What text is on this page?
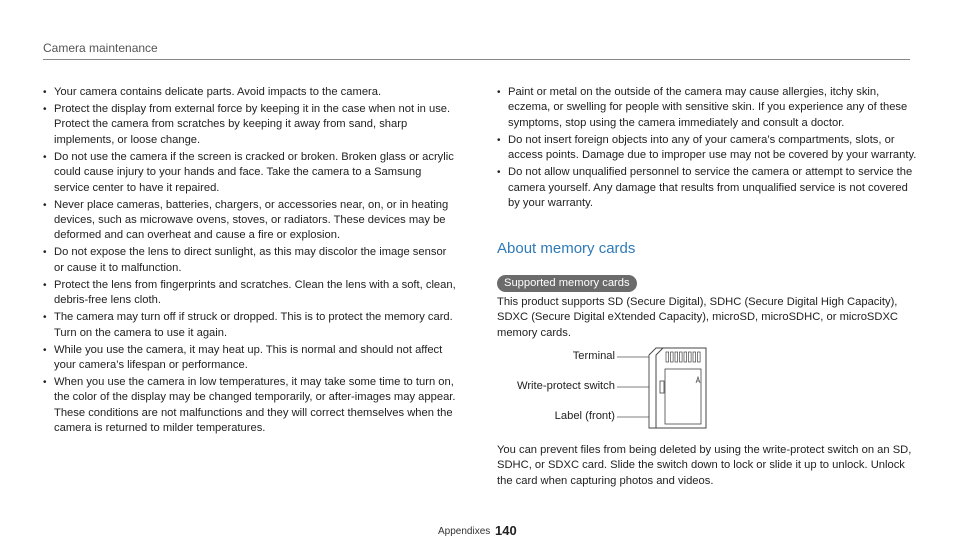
Camera maintenance
• Your camera contains delicate parts. Avoid impacts to the camera.
• Protect the display from external force by keeping it in the case when not in use. Protect the camera from scratches by keeping it away from sand, sharp implements, or loose change.
• Do not use the camera if the screen is cracked or broken. Broken glass or acrylic could cause injury to your hands and face. Take the camera to a Samsung service center to have it repaired.
• Never place cameras, batteries, chargers, or accessories near, on, or in heating devices, such as microwave ovens, stoves, or radiators. These devices may be deformed and can overheat and cause a fire or explosion.
• Do not expose the lens to direct sunlight, as this may discolor the image sensor or cause it to malfunction.
• Protect the lens from fingerprints and scratches. Clean the lens with a soft, clean, debris-free lens cloth.
• The camera may turn off if struck or dropped. This is to protect the memory card. Turn on the camera to use it again.
• While you use the camera, it may heat up. This is normal and should not affect your camera’s lifespan or performance.
• When you use the camera in low temperatures, it may take some time to turn on, the color of the display may be changed temporarily, or after-images may appear. These conditions are not malfunctions and they will correct themselves when the camera is returned to milder temperatures.
• Paint or metal on the outside of the camera may cause allergies, itchy skin, eczema, or swelling for people with sensitive skin. If you experience any of these symptoms, stop using the camera immediately and consult a doctor.
• Do not insert foreign objects into any of your camera’s compartments, slots, or access points. Damage due to improper use may not be covered by your warranty.
• Do not allow unqualified personnel to service the camera or attempt to service the camera yourself. Any damage that results from unqualified service is not covered by your warranty.
About memory cards
Supported memory cards

This product supports SD (Secure Digital), SDHC (Secure Digital High Capacity), SDXC (Secure Digital eXtended Capacity), microSD, microSDHC, or microSDXC memory cards.

Terminal
Write-protect switch
Label (front)

You can prevent files from being deleted by using the write-protect switch on an SD, SDHC, or SDXC card. Slide the switch down to lock or slide it up to unlock. Unlock the card when capturing photos and videos.

Appendixes 140
